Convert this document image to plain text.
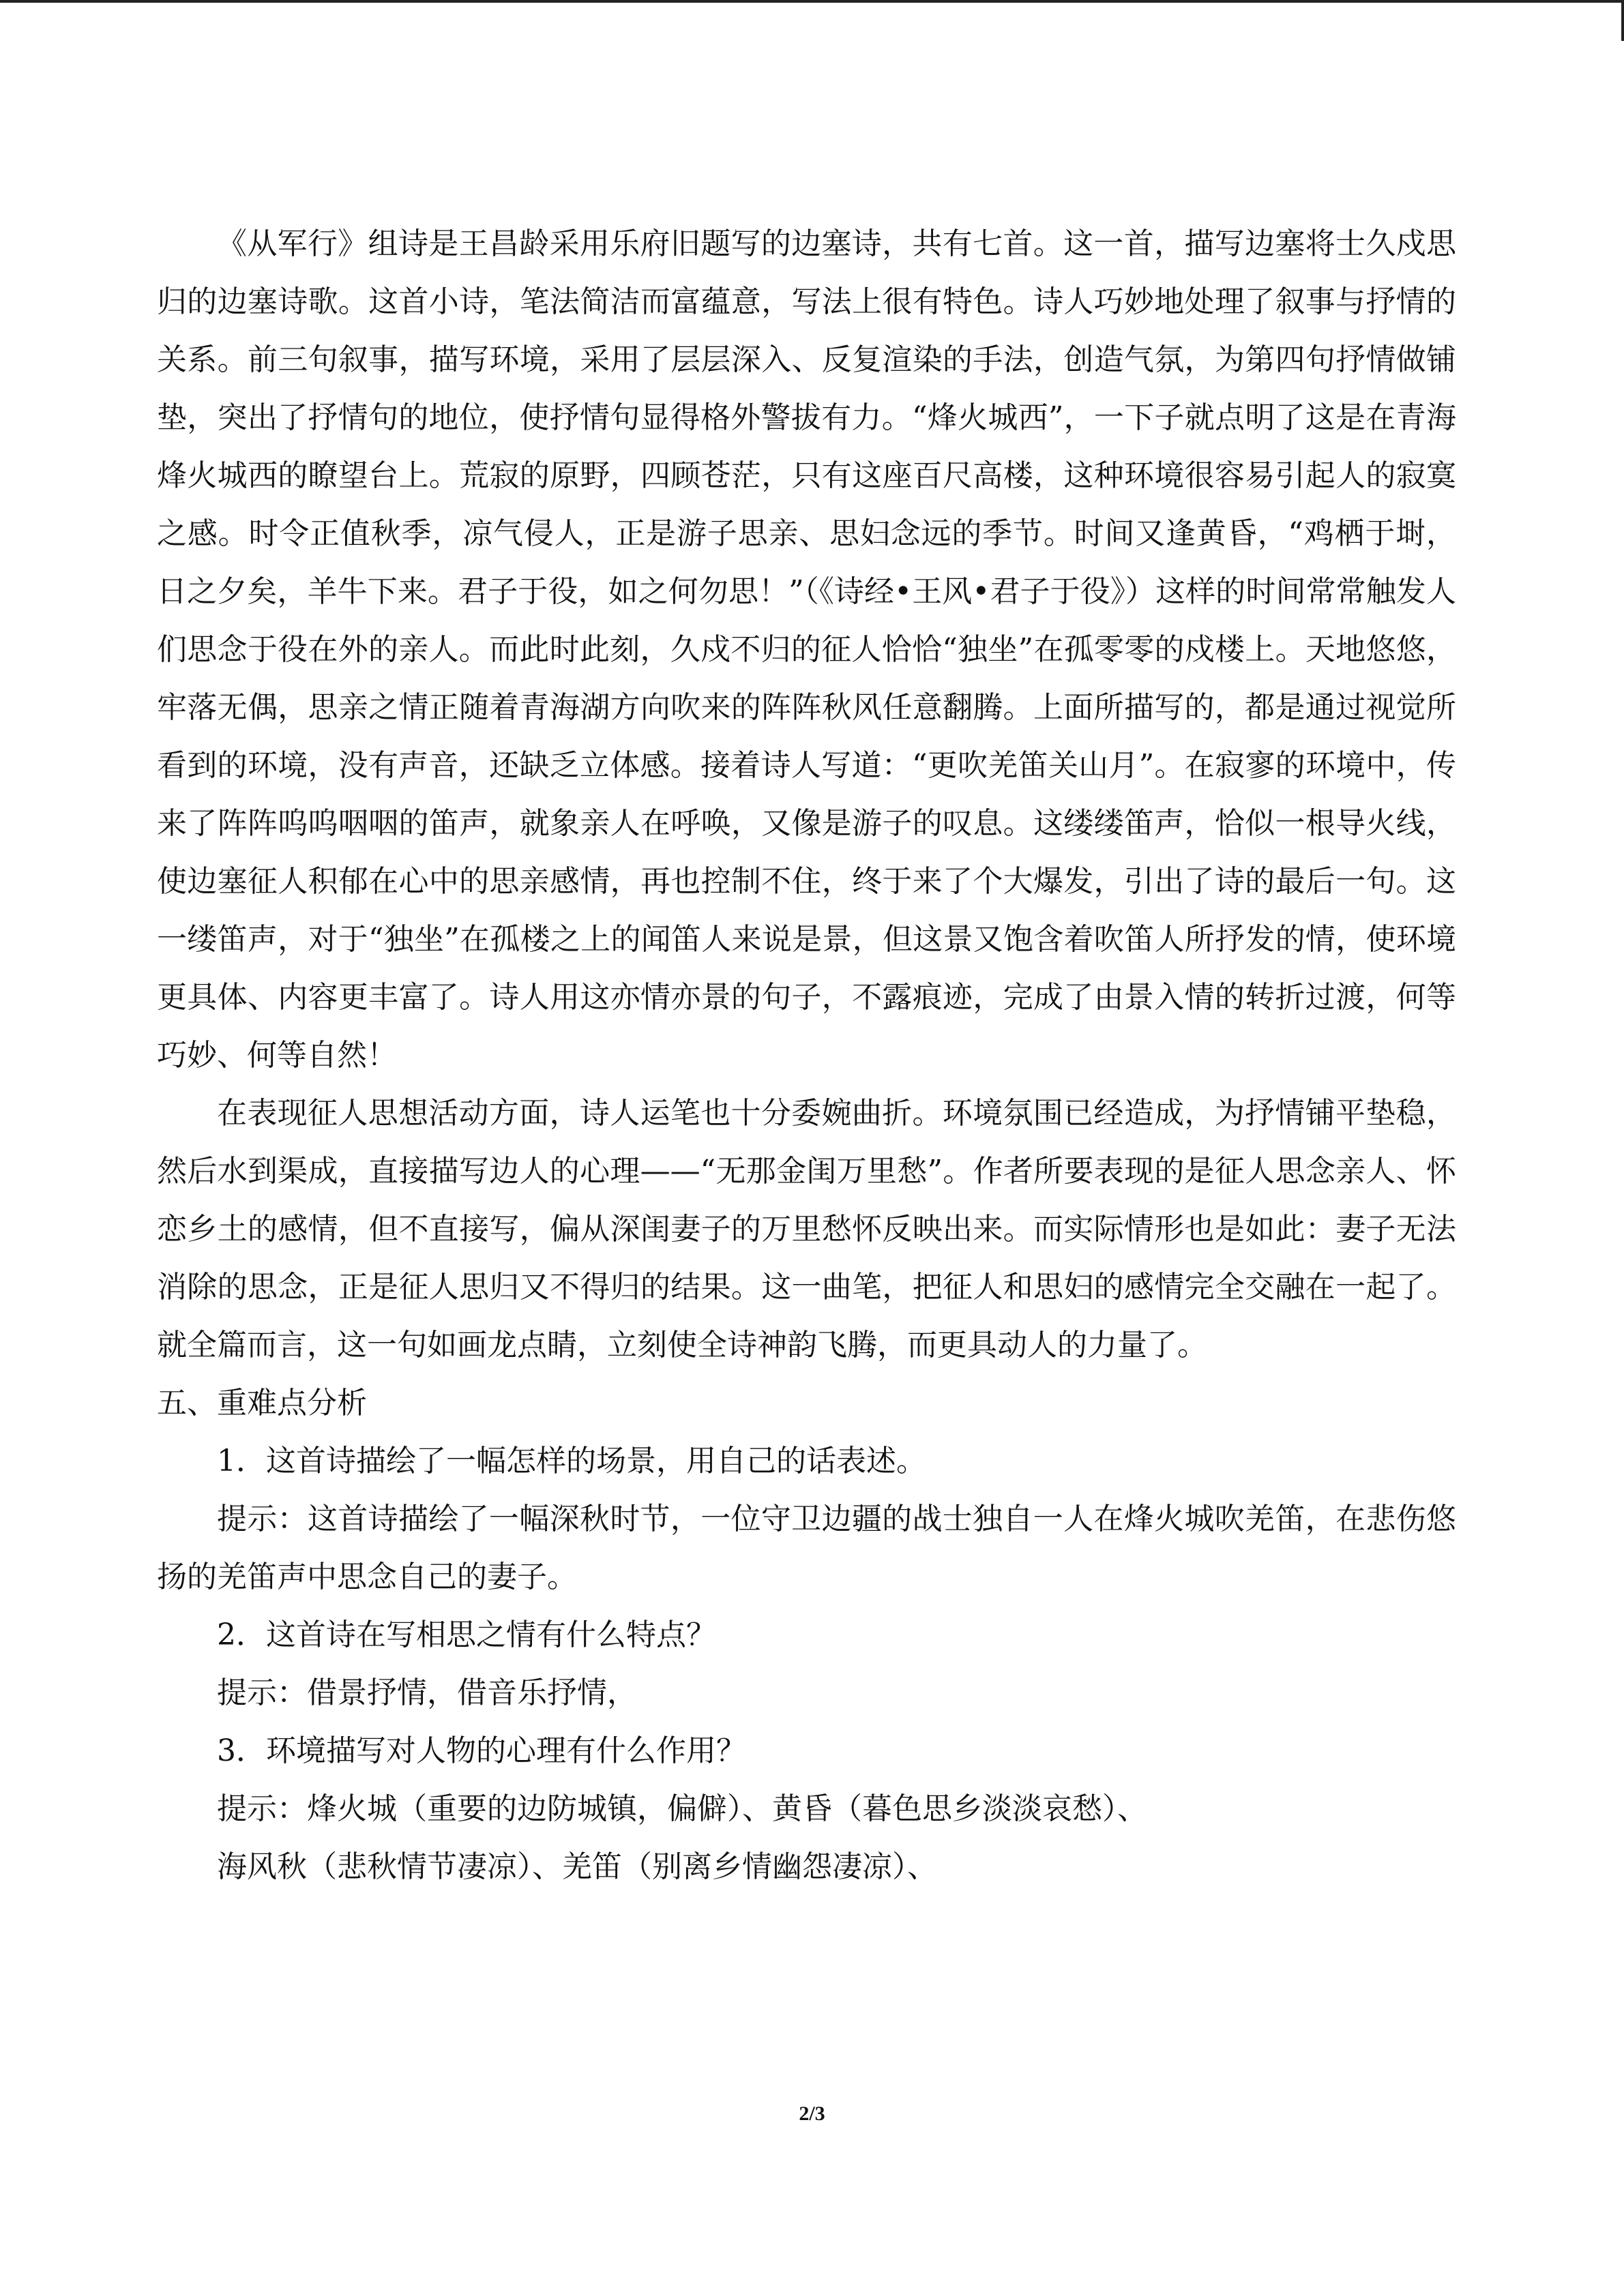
《从军行》组诗是王昌龄采用乐府旧题写的边塞诗，共有七首。这一首，描写边塞将士久戍思归的边塞诗歌。这首小诗，笔法简洁而富蕴意，写法上很有特色。诗人巧妙地处理了叙事与抒情的关系。前三句叙事，描写环境，采用了层层深入、反复渲染的手法，创造气氛，为第四句抒情做铺垫，突出了抒情句的地位，使抒情句显得格外警拔有力。“烽火城西”，一下子就点明了这是在青海烽火城西的瞭望台上。荒寂的原野，四顾苍茫，只有这座百尺高楼，这种环境很容易引起人的寂寞之感。时令正值秋季，凉气侵人，正是游子思亲、思妇念远的季节。时间又逢黄昏，“鸡栖于埘，日之夕矣，羊牛下来。君子于役，如之何勿思！”（《诗经•王风•君子于役》）这样的时间常常触发人们思念于役在外的亲人。而此时此刻，久戍不归的征人恰恰“独坐”在孤零零的戍楼上。天地悠悠，牢落无偶，思亲之情正随着青海湖方向吹来的阵阵秋风任意翻腾。上面所描写的，都是通过视觉所看到的环境，没有声音，还缺乏立体感。接着诗人写道：“更吹羌笛关山月”。在寂寥的环境中，传来了阵阵呜呜咽咽的笛声，就象亲人在呼唤，又像是游子的叹息。这缕缕笛声，恰似一根导火线，使边塞征人积郁在心中的思亲感情，再也控制不住，终于来了个大爆发，引出了诗的最后一句。这一缕笛声，对于“独坐”在孤楼之上的闻笛人来说是景，但这景又饱含着吹笛人所抒发的情，使环境更具体、内容更丰富了。诗人用这亦情亦景的句子，不露痕迹，完成了由景入情的转折过渡，何等巧妙、何等自然！

在表现征人思想活动方面，诗人运笔也十分委婉曲折。环境氛围已经造成，为抒情铺平垫稳，然后水到渠成，直接描写边人的心理——“无那金闺万里愁”。作者所要表现的是征人思念亲人、怀恋乡土的感情，但不直接写，偏从深闺妻子的万里愁怀反映出来。而实际情形也是如此：妻子无法消除的思念，正是征人思归又不得归的结果。这一曲笔，把征人和思妇的感情完全交融在一起了。就全篇而言，这一句如画龙点睛，立刻使全诗神韵飞腾，而更具动人的力量了。

五、重难点分析

1．这首诗描绘了一幅怎样的场景，用自己的话表述。

提示：这首诗描绘了一幅深秋时节，一位守卫边疆的战士独自一人在烽火城吹羌笛，在悲伤悠扬的羌笛声中思念自己的妻子。

2．这首诗在写相思之情有什么特点？

提示：借景抒情，借音乐抒情，

3．环境描写对人物的心理有什么作用？

提示：烽火城（重要的边防城镇，偏僻）、黄昏（暮色思乡淡淡哀愁）、

海风秋（悲秋情节凄凉）、羌笛（别离乡情幽怨凄凉）、

2/3
